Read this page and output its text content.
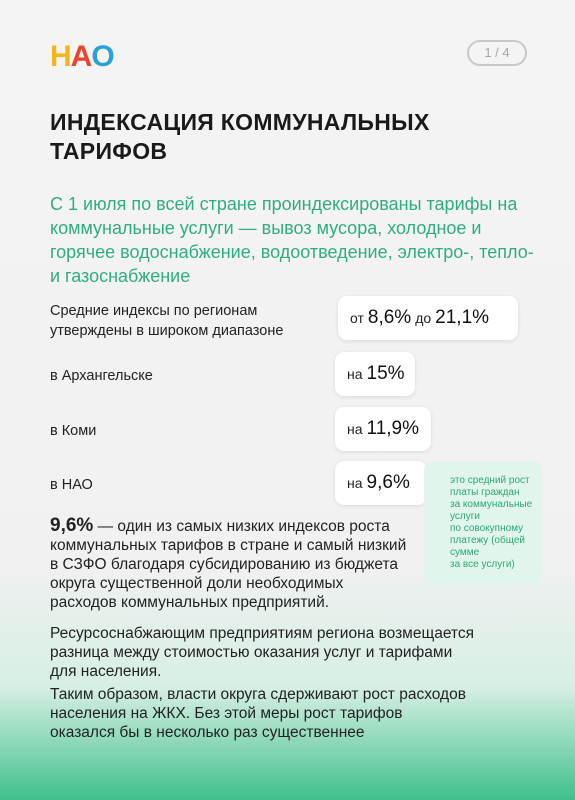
Н А О	1 / 4
ИНДЕКСАЦИЯ КОММУНАЛЬНЫХ ТАРИФОВ

С 1 июля по всей стране проиндексированы тарифы на коммунальные услуги — вывоз мусора, холодное и горячее водоснабжение, водоотведение, электро-, тепло- и газоснабжение

Средние индексы по регионам
утверждены в широком диапазоне
от 8,6% до 21,1%
в Архангельске	на 15%
в Коми	на 11,9%
в НАО	на 9,6%	это средний рост
платы граждан
за коммунальные
услуги
по совокупному
платежу (общей
сумме
за все услуги)
9,6% — один из самых низких индексов роста
коммунальных тарифов в стране и самый низкий
в СЗФО благодаря субсидированию из бюджета
округа существенной доли необходимых
расходов коммунальных предприятий.
Ресурсоснабжающим предприятиям региона возмещается
разница между стоимостью оказания услуг и тарифами
для населения.
Таким образом, власти округа сдерживают рост расходов
населения на ЖКХ. Без этой меры рост тарифов
оказался бы в несколько раз существеннее
